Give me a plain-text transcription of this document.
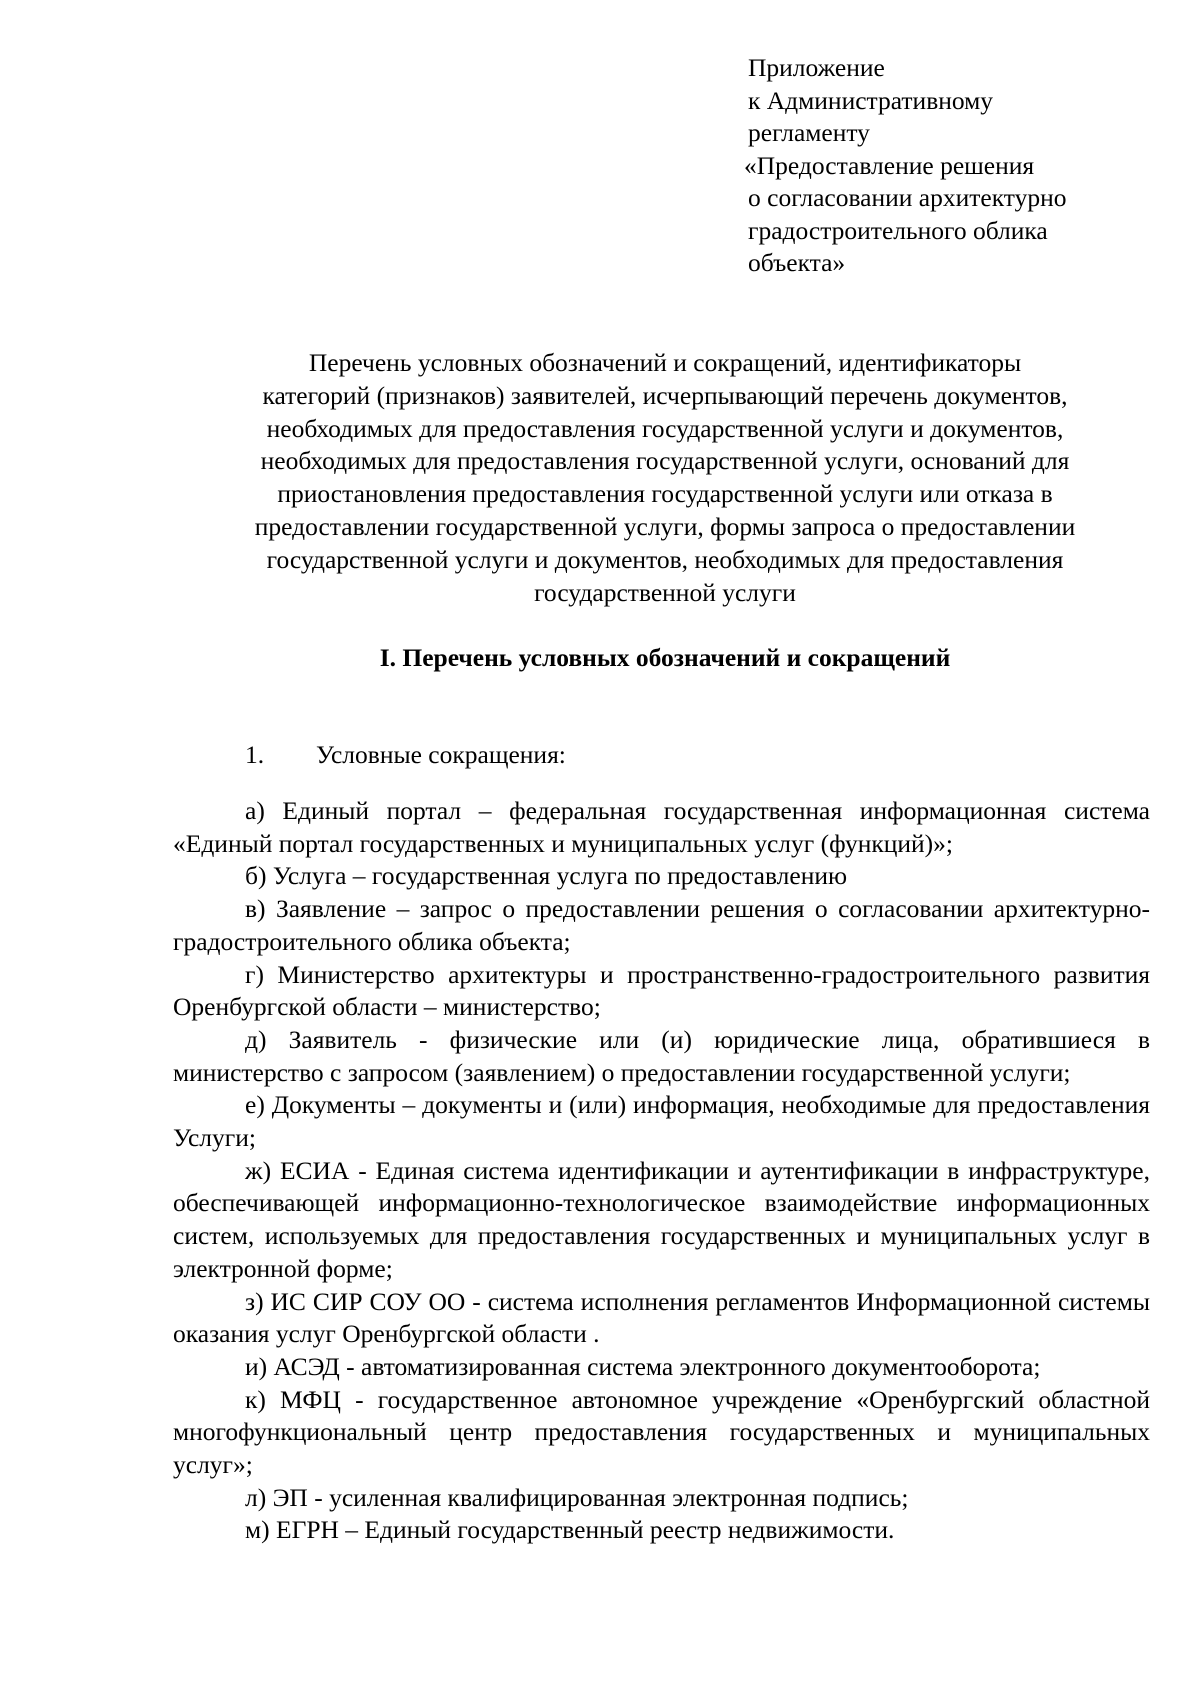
Приложение
к Административному
регламенту
«Предоставление решения
о согласовании архитектурно
градостроительного облика
объекта»
Перечень условных обозначений и сокращений, идентификаторы
категорий (признаков) заявителей, исчерпывающий перечень документов,
необходимых для предоставления государственной услуги и документов,
необходимых для предоставления государственной услуги, оснований для
приостановления предоставления государственной услуги или отказа в
предоставлении государственной услуги, формы запроса о предоставлении
государственной услуги и документов, необходимых для предоставления
государственной услуги
I. Перечень условных обозначений и сокращений
1. Условные сокращения:

а) Единый портал – федеральная государственная информационная система «Единый портал государственных и муниципальных услуг (функций)»;

б) Услуга – государственная услуга по предоставлению

в) Заявление – запрос о предоставлении решения о согласовании архитектурно-градостроительного облика объекта;

г) Министерство архитектуры и пространственно-градостроительного развития Оренбургской области – министерство;

д) Заявитель - физические или (и) юридические лица, обратившиеся в министерство с запросом (заявлением) о предоставлении государственной услуги;

е) Документы – документы и (или) информация, необходимые для предоставления Услуги;

ж) ЕСИА - Единая система идентификации и аутентификации в инфраструктуре, обеспечивающей информационно-технологическое взаимодействие информационных систем, используемых для предоставления государственных и муниципальных услуг в электронной форме;

з) ИС СИР СОУ ОО - система исполнения регламентов Информационной системы оказания услуг Оренбургской области .

и) АСЭД - автоматизированная система электронного документооборота;

к) МФЦ - государственное автономное учреждение «Оренбургский областной многофункциональный центр предоставления государственных и муниципальных услуг»;

л) ЭП - усиленная квалифицированная электронная подпись;

м) ЕГРН – Единый государственный реестр недвижимости.
